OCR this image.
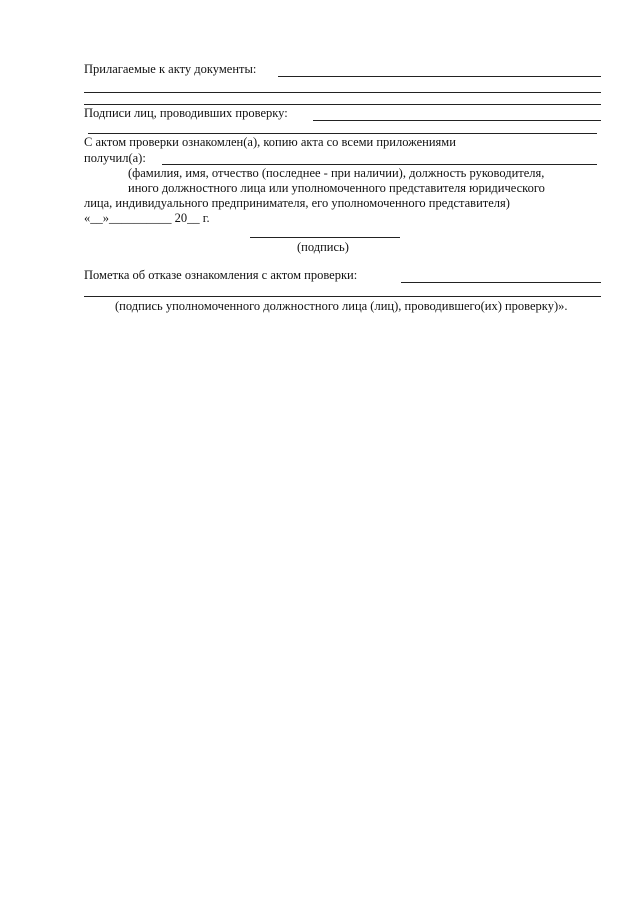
Прилагаемые к акту документы:
Подписи лиц, проводивших проверку:
С актом проверки ознакомлен(а), копию акта со всеми приложениями
получил(а):
(фамилия, имя, отчество (последнее - при наличии), должность руководителя,
иного должностного лица или уполномоченного представителя юридического
лица, индивидуального предпринимателя, его уполномоченного представителя)
«__»__________ 20__ г.
(подпись)
Пометка об отказе ознакомления с актом проверки:
(подпись уполномоченного должностного лица (лиц), проводившего(их) проверку)».
